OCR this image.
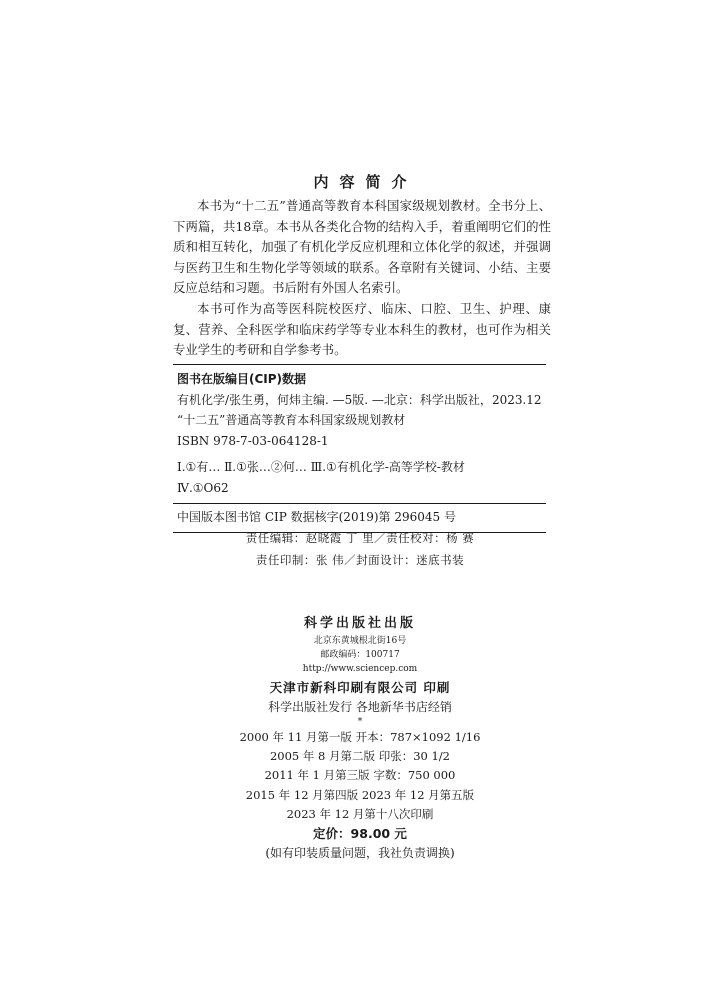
内容简介

本书为“十二五”普通高等教育本科国家级规划教材。全书分上、下两篇，共18章。本书从各类化合物的结构入手，着重阐明它们的性质和相互转化，加强了有机化学反应机理和立体化学的叙述，并强调与医药卫生和生物化学等领域的联系。各章附有关键词、小结、主要反应总结和习题。书后附有外国人名索引。

本书可作为高等医科院校医疗、临床、口腔、卫生、护理、康复、营养、全科医学和临床药学等专业本科生的教材，也可作为相关专业学生的考研和自学参考书。

图书在版编目(CIP)数据
有机化学/张生勇，何炜主编. —5版. —北京：科学出版社，2023.12
“十二五”普通高等教育本科国家级规划教材
ISBN 978-7-03-064128-1
Ⅰ.①有… Ⅱ.①张…②何… Ⅲ.①有机化学-高等学校-教材
Ⅳ.①O62
中国版本图书馆 CIP 数据核字(2019)第 296045 号
责任编辑：赵晓霞 丁 里／责任校对：杨 赛
责任印制：张 伟／封面设计：迷底书装
科学出版社出版
北京东黄城根北街16号
邮政编码：100717
http://www.sciencep.com
天津市新科印刷有限公司 印刷
科学出版社发行 各地新华书店经销
*
2000 年 11 月第一版 开本：787×1092 1/16
2005 年 8 月第二版 印张：30 1/2
2011 年 1 月第三版 字数：750 000
2015 年 12 月第四版 2023 年 12 月第五版
2023 年 12 月第十八次印刷
定价：98.00 元
(如有印装质量问题，我社负责调换)
